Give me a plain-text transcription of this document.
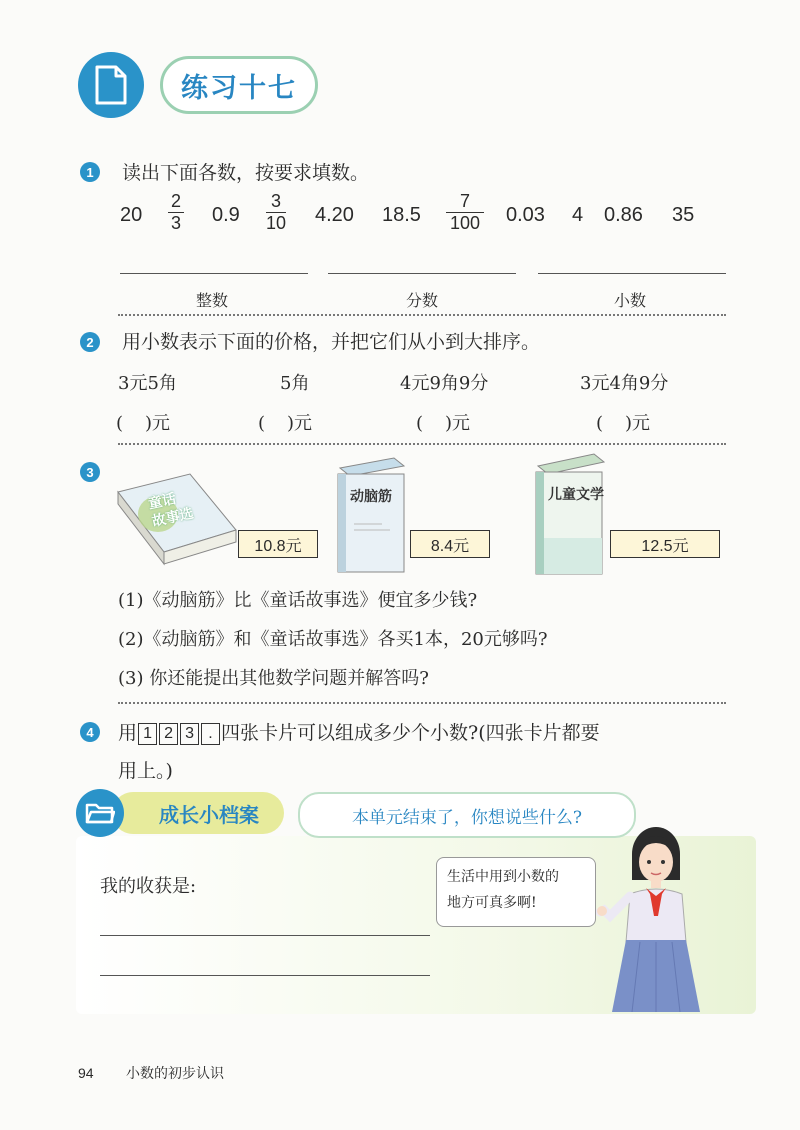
练习十七
1	读出下面各数，按要求填数。
20
2
3 0.9
3
10 4.20 18.5
7
100 0.03 4 0.86 35
整数	分数	小数
2	用小数表示下面的价格，并把它们从小到大排序。
3元5角	5角	4元9角9分	3元4角9分
( )元	( )元	( )元	( )元
3
童话
故事选
10.8元
动脑筋
8.4元
儿童文学
12.5元
(1)《动脑筋》比《童话故事选》便宜多少钱?
(2)《动脑筋》和《童话故事选》各买1本，20元够吗?
(3) 你还能提出其他数学问题并解答吗?
4	用 1 2 3 . 四张卡片可以组成多少个小数?(四张卡片都要
用上。)
成长小档案	本单元结束了，你想说些什么?
我的收获是:	生活中用到小数的
地方可真多啊!
94 小数的初步认识
